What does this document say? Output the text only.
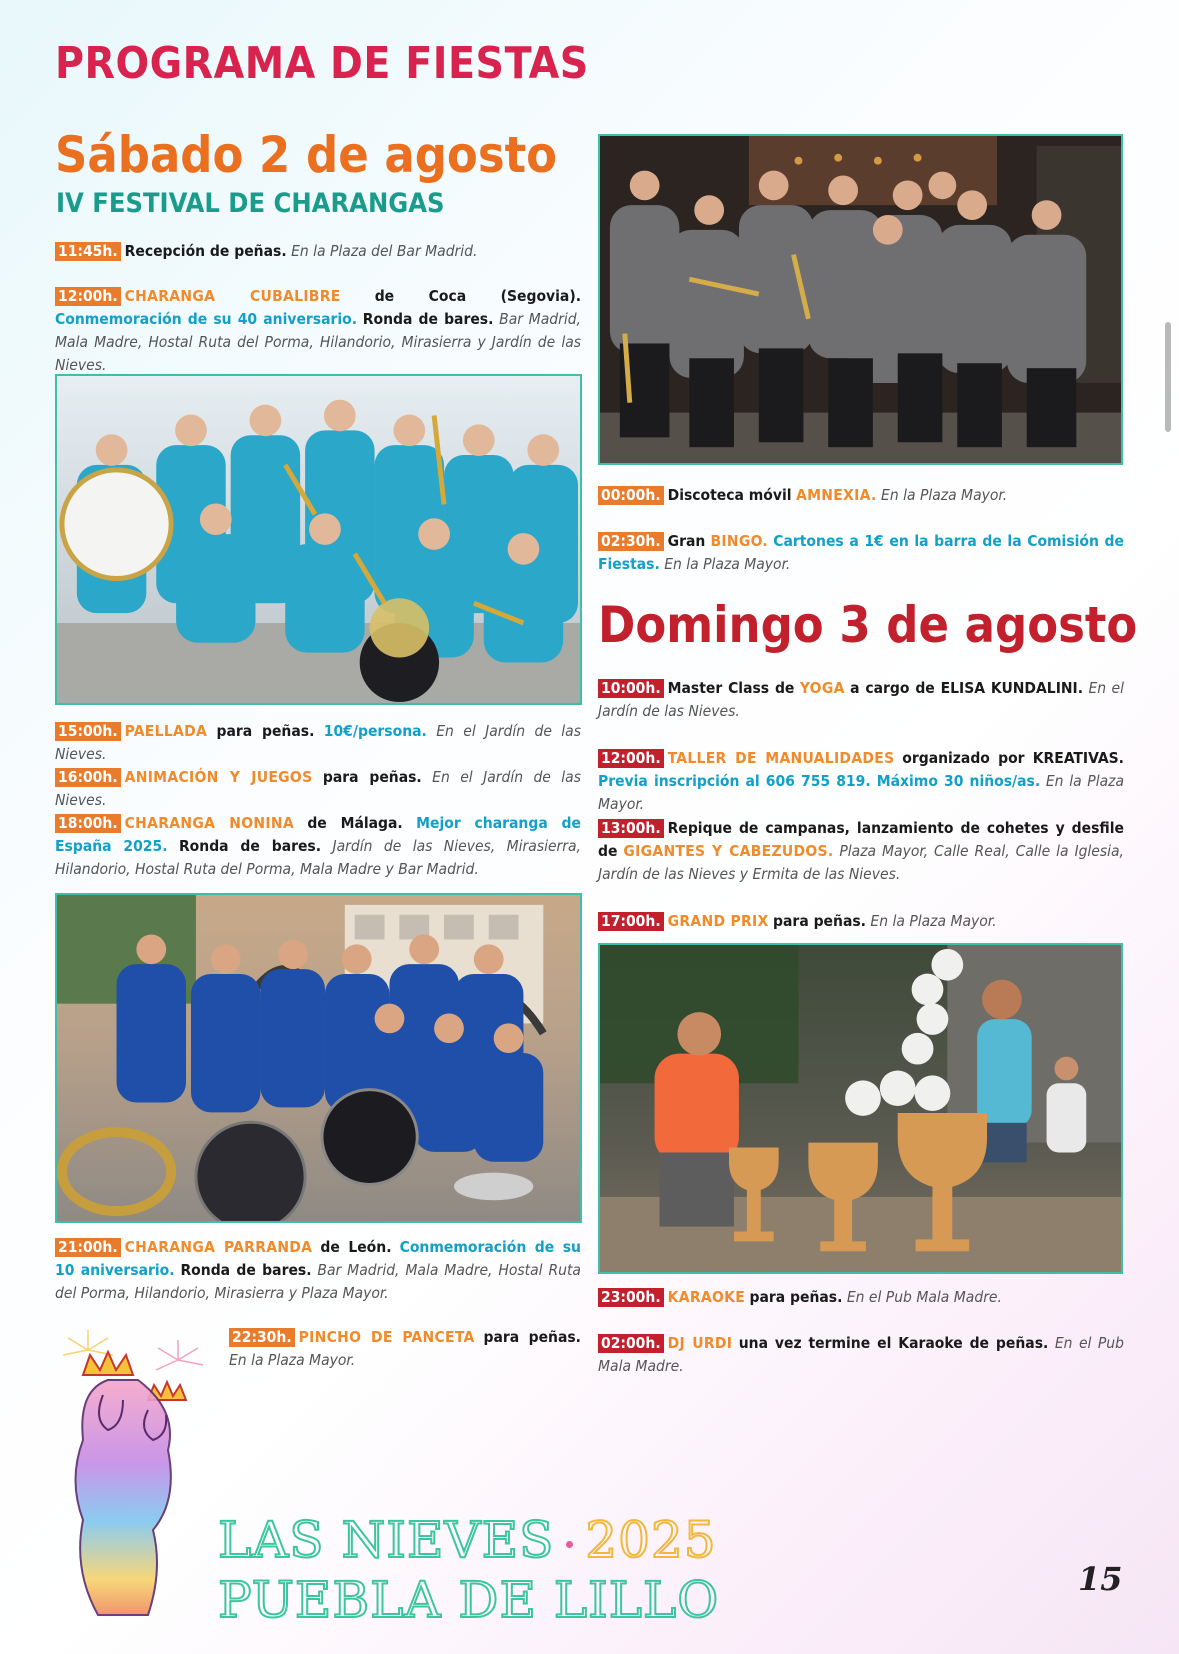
PROGRAMA DE FIESTAS
Sábado 2 de agosto
IV FESTIVAL DE CHARANGAS
11:45h. Recepción de peñas. En la Plaza del Bar Madrid.
12:00h. CHARANGA CUBALIBRE de Coca (Segovia). Conmemoración de su 40 aniversario. Ronda de bares. Bar Madrid, Mala Madre, Hostal Ruta del Porma, Hilandorio, Mirasierra y Jardín de las Nieves.
15:00h. PAELLADA para peñas. 10€/persona. En el Jardín de las Nieves.
16:00h. ANIMACIÓN Y JUEGOS para peñas. En el Jardín de las Nieves.
18:00h. CHARANGA NONINA de Málaga. Mejor charanga de España 2025. Ronda de bares. Jardín de las Nieves, Mirasierra, Hilandorio, Hostal Ruta del Porma, Mala Madre y Bar Madrid.
21:00h. CHARANGA PARRANDA de León. Conmemoración de su 10 aniversario. Ronda de bares. Bar Madrid, Mala Madre, Hostal Ruta del Porma, Hilandorio, Mirasierra y Plaza Mayor.
22:30h. PINCHO DE PANCETA para peñas. En la Plaza Mayor.
00:00h. Discoteca móvil AMNEXIA. En la Plaza Mayor.
02:30h. Gran BINGO. Cartones a 1€ en la barra de la Comisión de Fiestas. En la Plaza Mayor.
Domingo 3 de agosto
10:00h. Master Class de YOGA a cargo de ELISA KUNDALINI. En el Jardín de las Nieves.
12:00h. TALLER DE MANUALIDADES organizado por KREATIVAS. Previa inscripción al 606 755 819. Máximo 30 niños/as. En la Plaza Mayor.
13:00h. Repique de campanas, lanzamiento de cohetes y desfile de GIGANTES Y CABEZUDOS. Plaza Mayor, Calle Real, Calle la Iglesia, Jardín de las Nieves y Ermita de las Nieves.
17:00h. GRAND PRIX para peñas. En la Plaza Mayor.
23:00h. KARAOKE para peñas. En el Pub Mala Madre.
02:00h. DJ URDI una vez termine el Karaoke de peñas. En el Pub Mala Madre.
LAS NIEVES 2025
PUEBLA DE LILLO	15
